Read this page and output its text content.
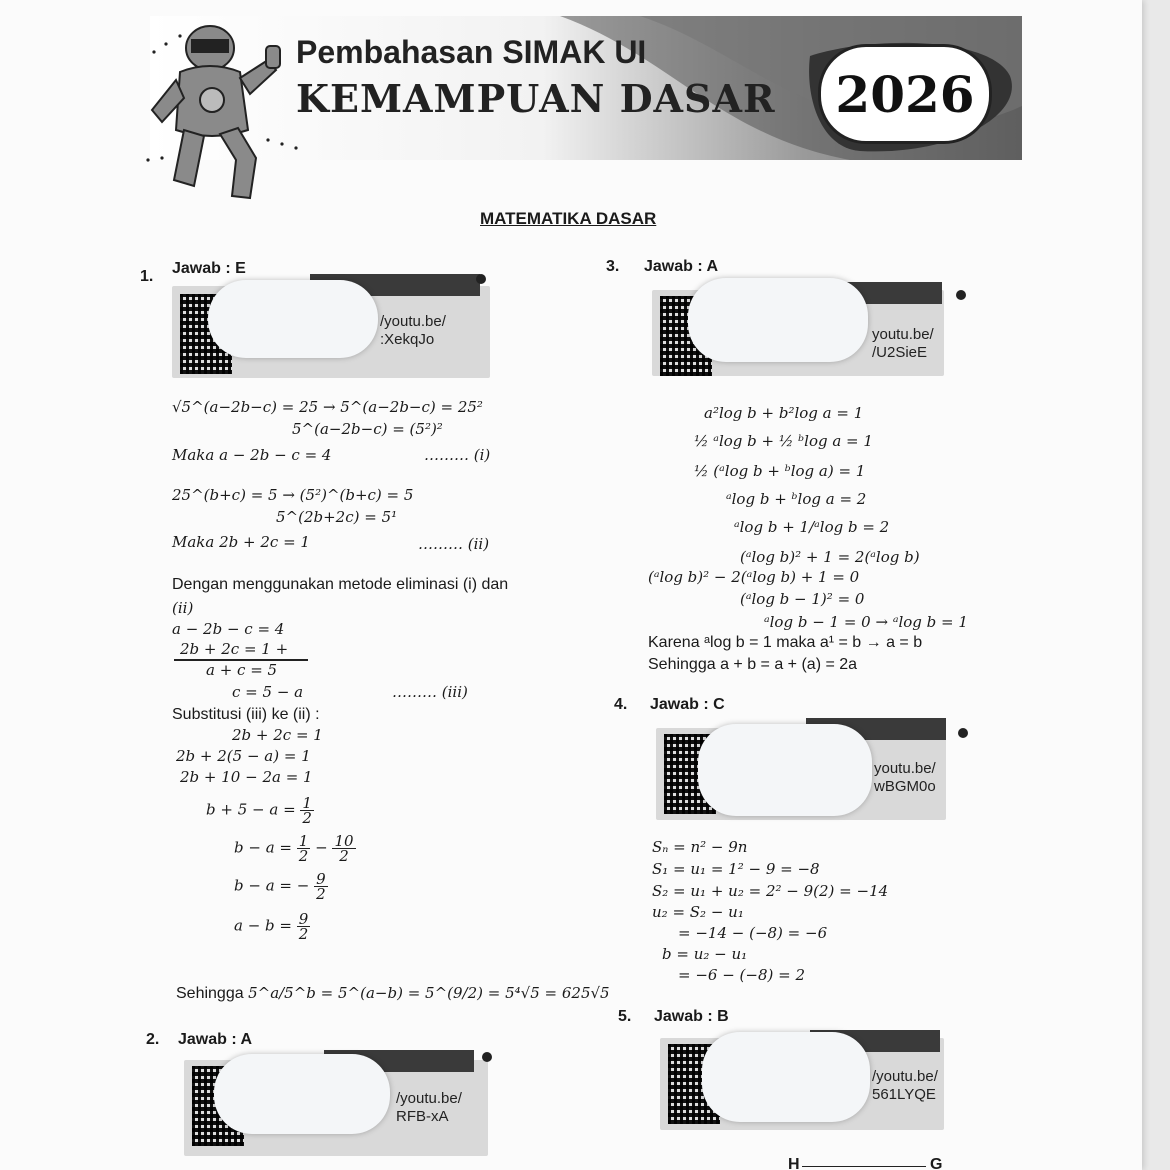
Pembahasan SIMAK UI
KEMAMPUAN DASAR	2026
MATEMATIKA DASAR
1. Jawab : E
/youtu.be/
:XekqJo
√5^(a−2b−c) = 25 → 5^(a−2b−c) = 25²
5^(a−2b−c) = (5²)²
Maka a − 2b − c = 4	……… (i)
25^(b+c) = 5 → (5²)^(b+c) = 5
5^(2b+2c) = 5¹
Maka 2b + 2c = 1	……… (ii)
Dengan menggunakan metode eliminasi (i) dan
(ii)
a − 2b − c = 4
2b + 2c = 1 +
a + c = 5
c = 5 − a	……… (iii)
Substitusi (iii) ke (ii) :
2b + 2c = 1
2b + 2(5 − a) = 1
2b + 10 − 2a = 1
$b + 5 - a = \frac{1}{2}$
$b - a = \frac{1}{2} - \frac{10}{2}$
b − a = − $\frac{9}{2}$
$a - b = \frac{9}{2}$
Sehingga 5^a/5^b = 5^(a−b) = 5^(9/2) = 5⁴√5 = 625√5
2. Jawab : A
/youtu.be/
RFB-xA
3. Jawab : A
youtu.be/
/U2SieE
a²log b + b²log a = 1
½ ᵃlog b + ½ ᵇlog a = 1
½ (ᵃlog b + ᵇlog a) = 1
ᵃlog b + ᵇlog a = 2
ᵃlog b + 1/ᵃlog b = 2
(ᵃlog b)² + 1 = 2(ᵃlog b)
(ᵃlog b)² − 2(ᵃlog b) + 1 = 0
(ᵃlog b − 1)² = 0
ᵃlog b − 1 = 0 → ᵃlog b = 1
Karena ᵃlog b = 1 maka a¹ = b → a = b
Sehingga a + b = a + (a) = 2a
4. Jawab : C
youtu.be/
wBGM0o
Sₙ = n² − 9n
S₁ = u₁ = 1² − 9 = −8
S₂ = u₁ + u₂ = 2² − 9(2) = −14
u₂ = S₂ − u₁
= −14 − (−8) = −6
b = u₂ − u₁
= −6 − (−8) = 2
5. Jawab : B
/youtu.be/
561LYQE
H	G
